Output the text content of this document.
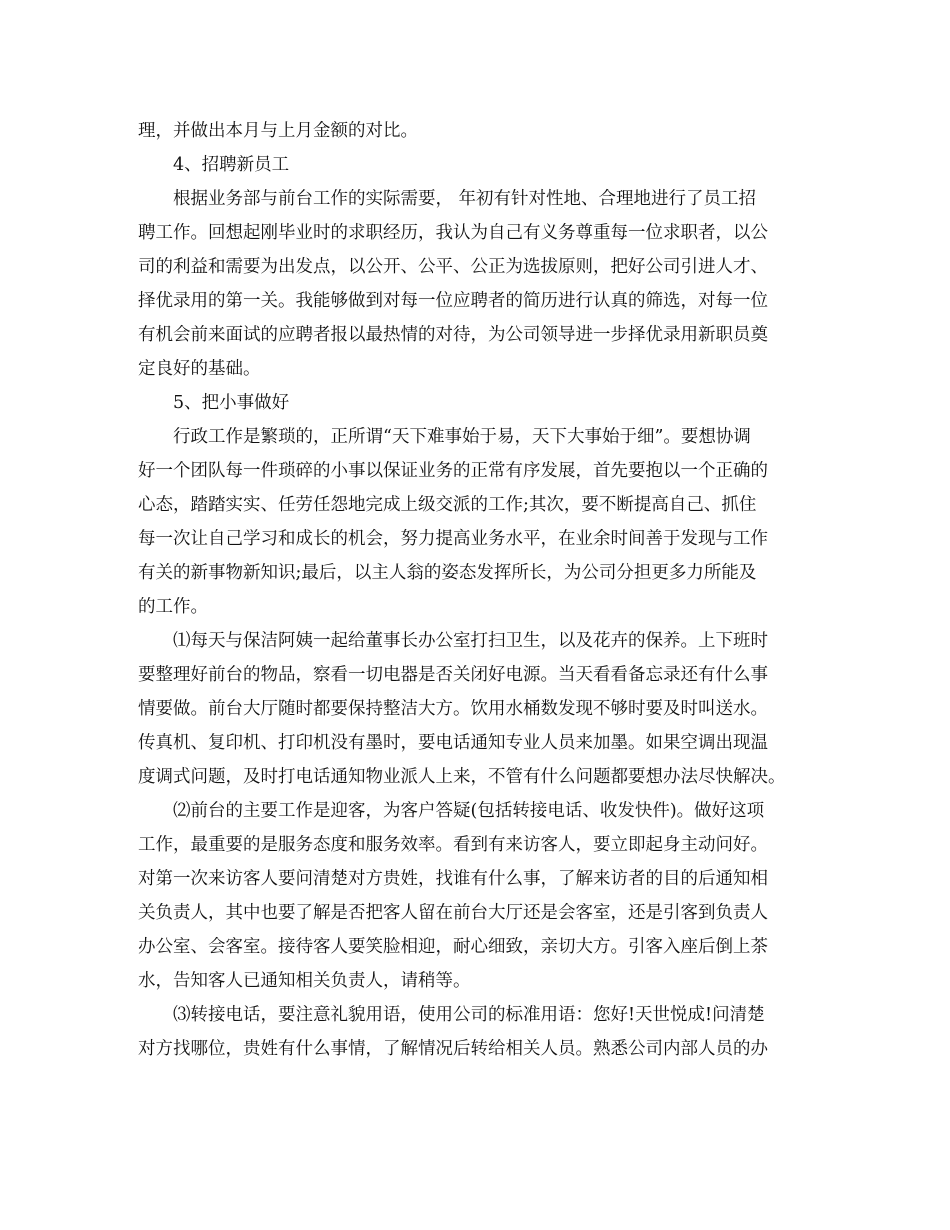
理，并做出本月与上月金额的对比。
4、招聘新员工
根据业务部与前台工作的实际需要， 年初有针对性地、合理地进行了员工招
聘工作。回想起刚毕业时的求职经历，我认为自己有义务尊重每一位求职者，以公
司的利益和需要为出发点，以公开、公平、公正为选拔原则，把好公司引进人才、
择优录用的第一关。我能够做到对每一位应聘者的简历进行认真的筛选，对每一位
有机会前来面试的应聘者报以最热情的对待，为公司领导进一步择优录用新职员奠
定良好的基础。
5、把小事做好
行政工作是繁琐的，正所谓“天下难事始于易，天下大事始于细”。要想协调
好一个团队每一件琐碎的小事以保证业务的正常有序发展，首先要抱以一个正确的
心态，踏踏实实、任劳任怨地完成上级交派的工作;其次，要不断提高自己、抓住
每一次让自己学习和成长的机会，努力提高业务水平，在业余时间善于发现与工作
有关的新事物新知识;最后，以主人翁的姿态发挥所长，为公司分担更多力所能及
的工作。
⑴每天与保洁阿姨一起给董事长办公室打扫卫生，以及花卉的保养。上下班时
要整理好前台的物品，察看一切电器是否关闭好电源。当天看看备忘录还有什么事
情要做。前台大厅随时都要保持整洁大方。饮用水桶数发现不够时要及时叫送水。
传真机、复印机、打印机没有墨时，要电话通知专业人员来加墨。如果空调出现温
度调式问题，及时打电话通知物业派人上来，不管有什么问题都要想办法尽快解决。
⑵前台的主要工作是迎客，为客户答疑(包括转接电话、收发快件)。做好这项
工作，最重要的是服务态度和服务效率。看到有来访客人，要立即起身主动问好。
对第一次来访客人要问清楚对方贵姓，找谁有什么事，了解来访者的目的后通知相
关负责人，其中也要了解是否把客人留在前台大厅还是会客室，还是引客到负责人
办公室、会客室。接待客人要笑脸相迎，耐心细致，亲切大方。引客入座后倒上茶
水，告知客人已通知相关负责人，请稍等。
⑶转接电话，要注意礼貌用语，使用公司的标准用语：您好!天世悦成!问清楚
对方找哪位，贵姓有什么事情，了解情况后转给相关人员。熟悉公司内部人员的办
